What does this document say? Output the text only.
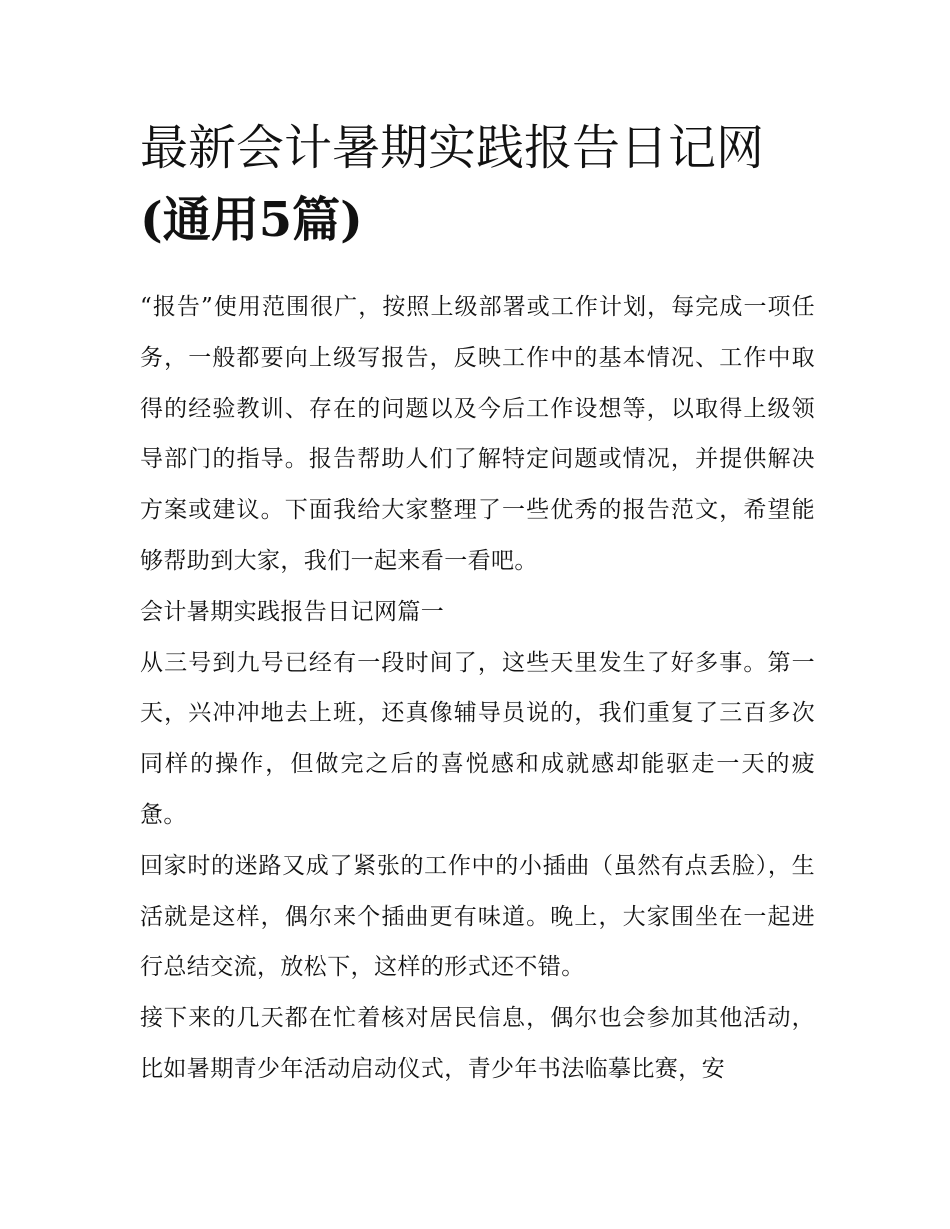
最新会计暑期实践报告日记网
(通用5篇)

“报告”使用范围很广，按照上级部署或工作计划，每完成一项任务，一般都要向上级写报告，反映工作中的基本情况、工作中取得的经验教训、存在的问题以及今后工作设想等，以取得上级领导部门的指导。报告帮助人们了解特定问题或情况，并提供解决方案或建议。下面我给大家整理了一些优秀的报告范文，希望能够帮助到大家，我们一起来看一看吧。

会计暑期实践报告日记网篇一

从三号到九号已经有一段时间了，这些天里发生了好多事。第一天，兴冲冲地去上班，还真像辅导员说的，我们重复了三百多次同样的操作，但做完之后的喜悦感和成就感却能驱走一天的疲惫。

回家时的迷路又成了紧张的工作中的小插曲（虽然有点丢脸），生活就是这样，偶尔来个插曲更有味道。晚上，大家围坐在一起进行总结交流，放松下，这样的形式还不错。

接下来的几天都在忙着核对居民信息，偶尔也会参加其他活动，比如暑期青少年活动启动仪式，青少年书法临摹比赛，安
